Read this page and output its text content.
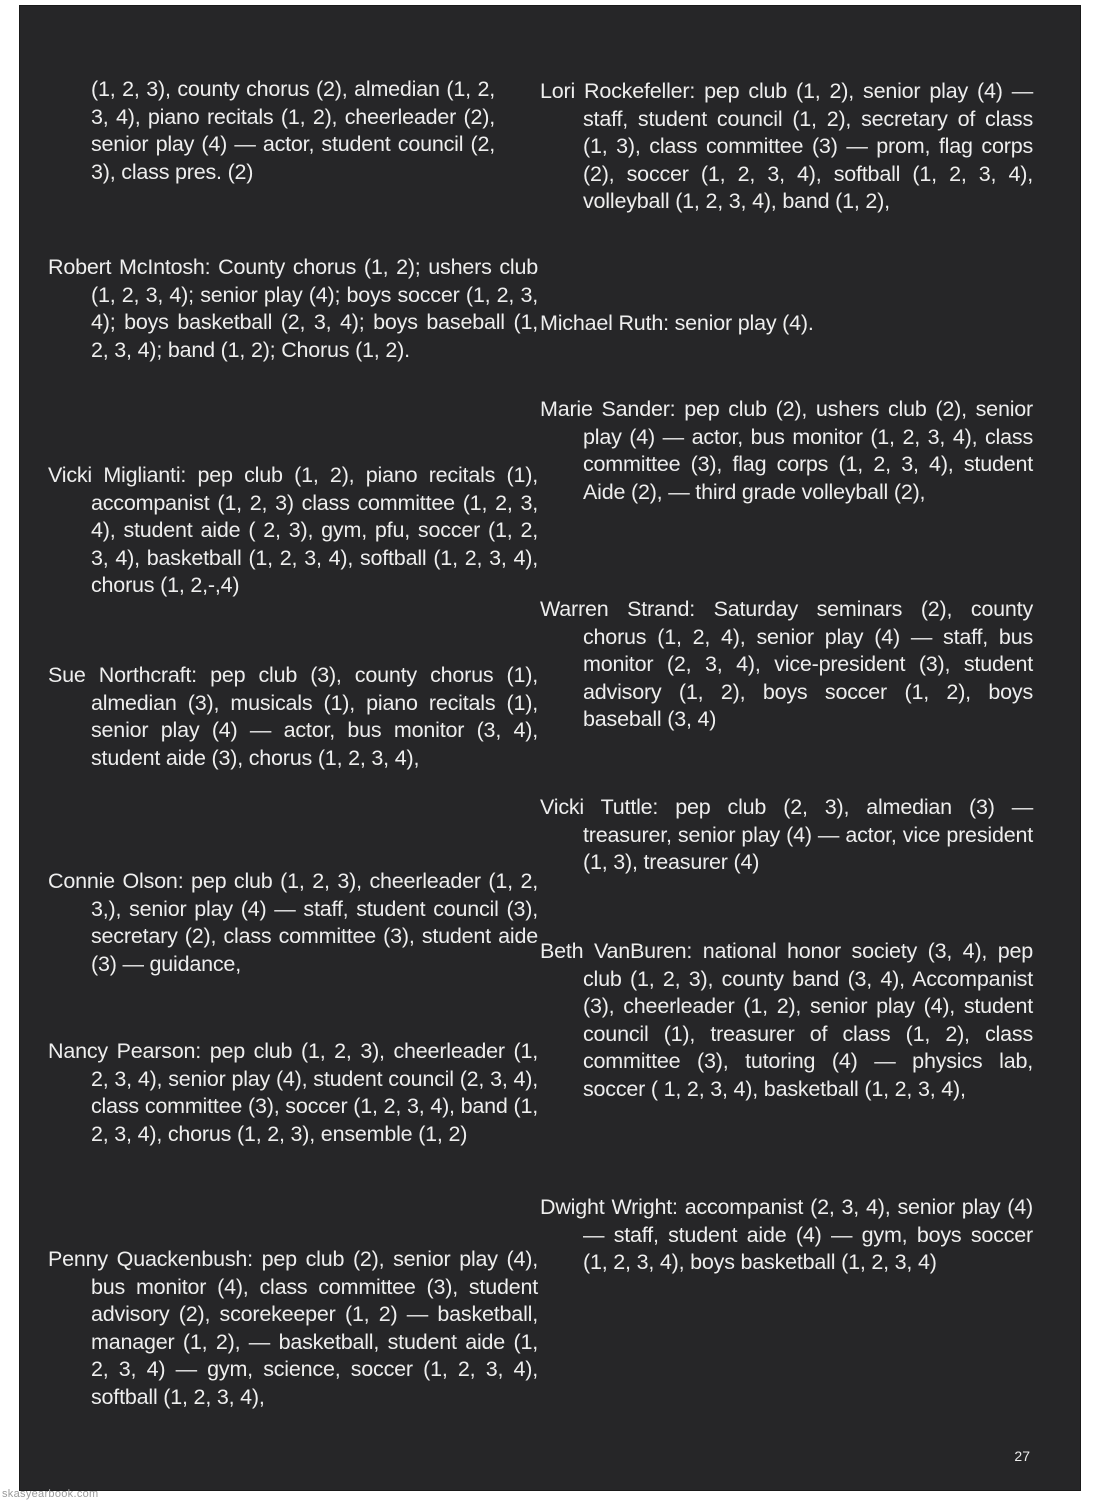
(1, 2, 3), county chorus (2), almedian (1, 2, 3, 4), piano recitals (1, 2), cheerleader (2), senior play (4) — actor, student council (2, 3), class pres. (2)

Robert McIntosh: County chorus (1, 2); ushers club (1, 2, 3, 4); senior play (4); boys soccer (1, 2, 3, 4); boys basketball (2, 3, 4); boys baseball (1, 2, 3, 4); band (1, 2); Chorus (1, 2).

Vicki Miglianti: pep club (1, 2), piano recitals (1), accompanist (1, 2, 3) class committee (1, 2, 3, 4), student aide ( 2, 3), gym, pfu, soccer (1, 2, 3, 4), basketball (1, 2, 3, 4), softball (1, 2, 3, 4), chorus (1, 2,-,4)

Sue Northcraft: pep club (3), county chorus (1), almedian (3), musicals (1), piano recitals (1), senior play (4) — actor, bus monitor (3, 4), student aide (3), chorus (1, 2, 3, 4),

Connie Olson: pep club (1, 2, 3), cheerleader (1, 2, 3,), senior play (4) — staff, student council (3), secretary (2), class committee (3), student aide (3) — guidance,

Nancy Pearson: pep club (1, 2, 3), cheerleader (1, 2, 3, 4), senior play (4), student council (2, 3, 4), class committee (3), soccer (1, 2, 3, 4), band (1, 2, 3, 4), chorus (1, 2, 3), ensemble (1, 2)

Penny Quackenbush: pep club (2), senior play (4), bus monitor (4), class committee (3), student advisory (2), scorekeeper (1, 2) — basketball, manager (1, 2), — basketball, student aide (1, 2, 3, 4) — gym, science, soccer (1, 2, 3, 4), softball (1, 2, 3, 4),

Lori Rockefeller: pep club (1, 2), senior play (4) — staff, student council (1, 2), secretary of class (1, 3), class committee (3) — prom, flag corps (2), soccer (1, 2, 3, 4), softball (1, 2, 3, 4), volleyball (1, 2, 3, 4), band (1, 2),

Michael Ruth: senior play (4).

Marie Sander: pep club (2), ushers club (2), senior play (4) — actor, bus monitor (1, 2, 3, 4), class committee (3), flag corps (1, 2, 3, 4), student Aide (2), — third grade volleyball (2),

Warren Strand: Saturday seminars (2), county chorus (1, 2, 4), senior play (4) — staff, bus monitor (2, 3, 4), vice-president (3), student advisory (1, 2), boys soccer (1, 2), boys baseball (3, 4)

Vicki Tuttle: pep club (2, 3), almedian (3) — treasurer, senior play (4) — actor, vice president (1, 3), treasurer (4)

Beth VanBuren: national honor society (3, 4), pep club (1, 2, 3), county band (3, 4), Accompanist (3), cheerleader (1, 2), senior play (4), student council (1), treasurer of class (1, 2), class committee (3), tutoring (4) — physics lab, soccer ( 1, 2, 3, 4), basketball (1, 2, 3, 4),

Dwight Wright: accompanist (2, 3, 4), senior play (4) — staff, student aide (4) — gym, boys soccer (1, 2, 3, 4), boys basketball (1, 2, 3, 4)

27
skasyearbook.com
